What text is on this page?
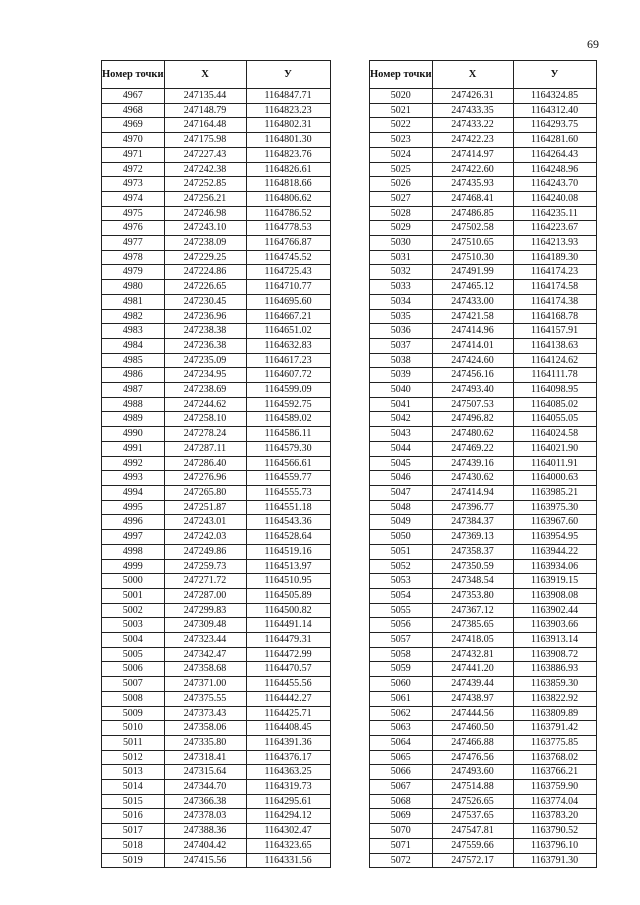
69
Номер точки	X	У
4967	247135.44	1164847.71
4968	247148.79	1164823.23
4969	247164.48	1164802.31
4970	247175.98	1164801.30
4971	247227.43	1164823.76
4972	247242.38	1164826.61
4973	247252.85	1164818.66
4974	247256.21	1164806.62
4975	247246.98	1164786.52
4976	247243.10	1164778.53
4977	247238.09	1164766.87
4978	247229.25	1164745.52
4979	247224.86	1164725.43
4980	247226.65	1164710.77
4981	247230.45	1164695.60
4982	247236.96	1164667.21
4983	247238.38	1164651.02
4984	247236.38	1164632.83
4985	247235.09	1164617.23
4986	247234.95	1164607.72
4987	247238.69	1164599.09
4988	247244.62	1164592.75
4989	247258.10	1164589.02
4990	247278.24	1164586.11
4991	247287.11	1164579.30
4992	247286.40	1164566.61
4993	247276.96	1164559.77
4994	247265.80	1164555.73
4995	247251.87	1164551.18
4996	247243.01	1164543.36
4997	247242.03	1164528.64
4998	247249.86	1164519.16
4999	247259.73	1164513.97
5000	247271.72	1164510.95
5001	247287.00	1164505.89
5002	247299.83	1164500.82
5003	247309.48	1164491.14
5004	247323.44	1164479.31
5005	247342.47	1164472.99
5006	247358.68	1164470.57
5007	247371.00	1164455.56
5008	247375.55	1164442.27
5009	247373.43	1164425.71
5010	247358.06	1164408.45
5011	247335.80	1164391.36
5012	247318.41	1164376.17
5013	247315.64	1164363.25
5014	247344.70	1164319.73
5015	247366.38	1164295.61
5016	247378.03	1164294.12
5017	247388.36	1164302.47
5018	247404.42	1164323.65
5019	247415.56	1164331.56
Номер точки	X	У
5020	247426.31	1164324.85
5021	247433.35	1164312.40
5022	247433.22	1164293.75
5023	247422.23	1164281.60
5024	247414.97	1164264.43
5025	247422.60	1164248.96
5026	247435.93	1164243.70
5027	247468.41	1164240.08
5028	247486.85	1164235.11
5029	247502.58	1164223.67
5030	247510.65	1164213.93
5031	247510.30	1164189.30
5032	247491.99	1164174.23
5033	247465.12	1164174.58
5034	247433.00	1164174.38
5035	247421.58	1164168.78
5036	247414.96	1164157.91
5037	247414.01	1164138.63
5038	247424.60	1164124.62
5039	247456.16	1164111.78
5040	247493.40	1164098.95
5041	247507.53	1164085.02
5042	247496.82	1164055.05
5043	247480.62	1164024.58
5044	247469.22	1164021.90
5045	247439.16	1164011.91
5046	247430.62	1164000.63
5047	247414.94	1163985.21
5048	247396.77	1163975.30
5049	247384.37	1163967.60
5050	247369.13	1163954.95
5051	247358.37	1163944.22
5052	247350.59	1163934.06
5053	247348.54	1163919.15
5054	247353.80	1163908.08
5055	247367.12	1163902.44
5056	247385.65	1163903.66
5057	247418.05	1163913.14
5058	247432.81	1163908.72
5059	247441.20	1163886.93
5060	247439.44	1163859.30
5061	247438.97	1163822.92
5062	247444.56	1163809.89
5063	247460.50	1163791.42
5064	247466.88	1163775.85
5065	247476.56	1163768.02
5066	247493.60	1163766.21
5067	247514.88	1163759.90
5068	247526.65	1163774.04
5069	247537.65	1163783.20
5070	247547.81	1163790.52
5071	247559.66	1163796.10
5072	247572.17	1163791.30
